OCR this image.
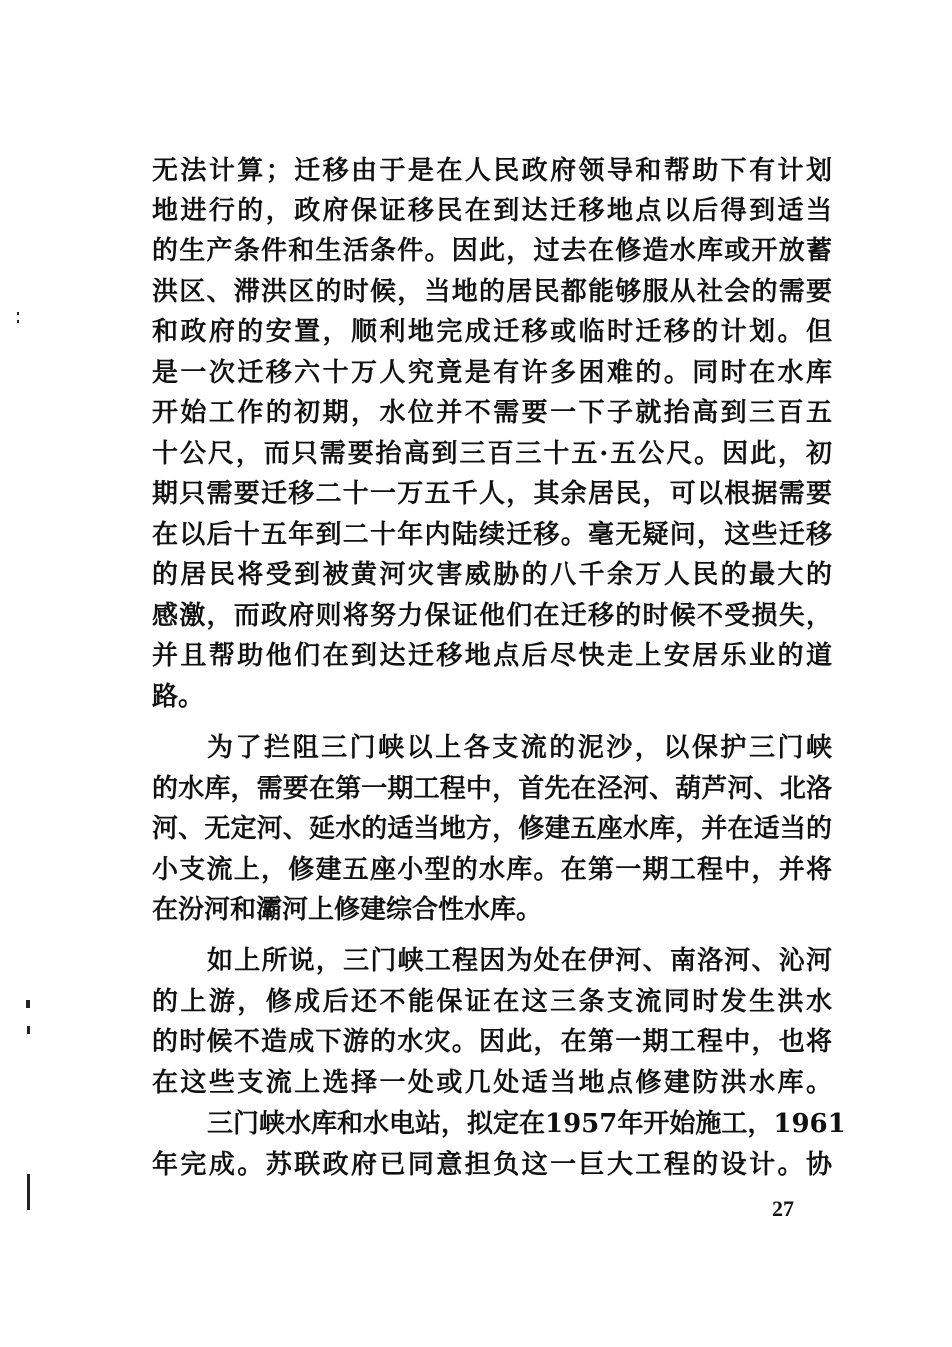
无法计算；迁移由于是在人民政府领导和帮助下有计划
地进行的，政府保证移民在到达迁移地点以后得到适当
的生产条件和生活条件。因此，过去在修造水库或开放蓄
洪区、滞洪区的时候，当地的居民都能够服从社会的需要
和政府的安置，顺利地完成迁移或临时迁移的计划。但
是一次迁移六十万人究竟是有许多困难的。同时在水库
开始工作的初期，水位并不需要一下子就抬高到三百五
十公尺，而只需要抬高到三百三十五·五公尺。因此，初
期只需要迁移二十一万五千人，其余居民，可以根据需要
在以后十五年到二十年内陆续迁移。毫无疑问，这些迁移
的居民将受到被黄河灾害威胁的八千余万人民的最大的
感激，而政府则将努力保证他们在迁移的时候不受损失，
并且帮助他们在到达迁移地点后尽快走上安居乐业的道
路。
为了拦阻三门峡以上各支流的泥沙，以保护三门峡
的水库，需要在第一期工程中，首先在泾河、葫芦河、北洛
河、无定河、延水的适当地方，修建五座水库，并在适当的
小支流上，修建五座小型的水库。在第一期工程中，并将
在汾河和灞河上修建综合性水库。
如上所说，三门峡工程因为处在伊河、南洛河、沁河
的上游，修成后还不能保证在这三条支流同时发生洪水
的时候不造成下游的水灾。因此，在第一期工程中，也将
在这些支流上选择一处或几处适当地点修建防洪水库。
三门峡水库和水电站，拟定在1957年开始施工，1961
年完成。苏联政府已同意担负这一巨大工程的设计。协
27
